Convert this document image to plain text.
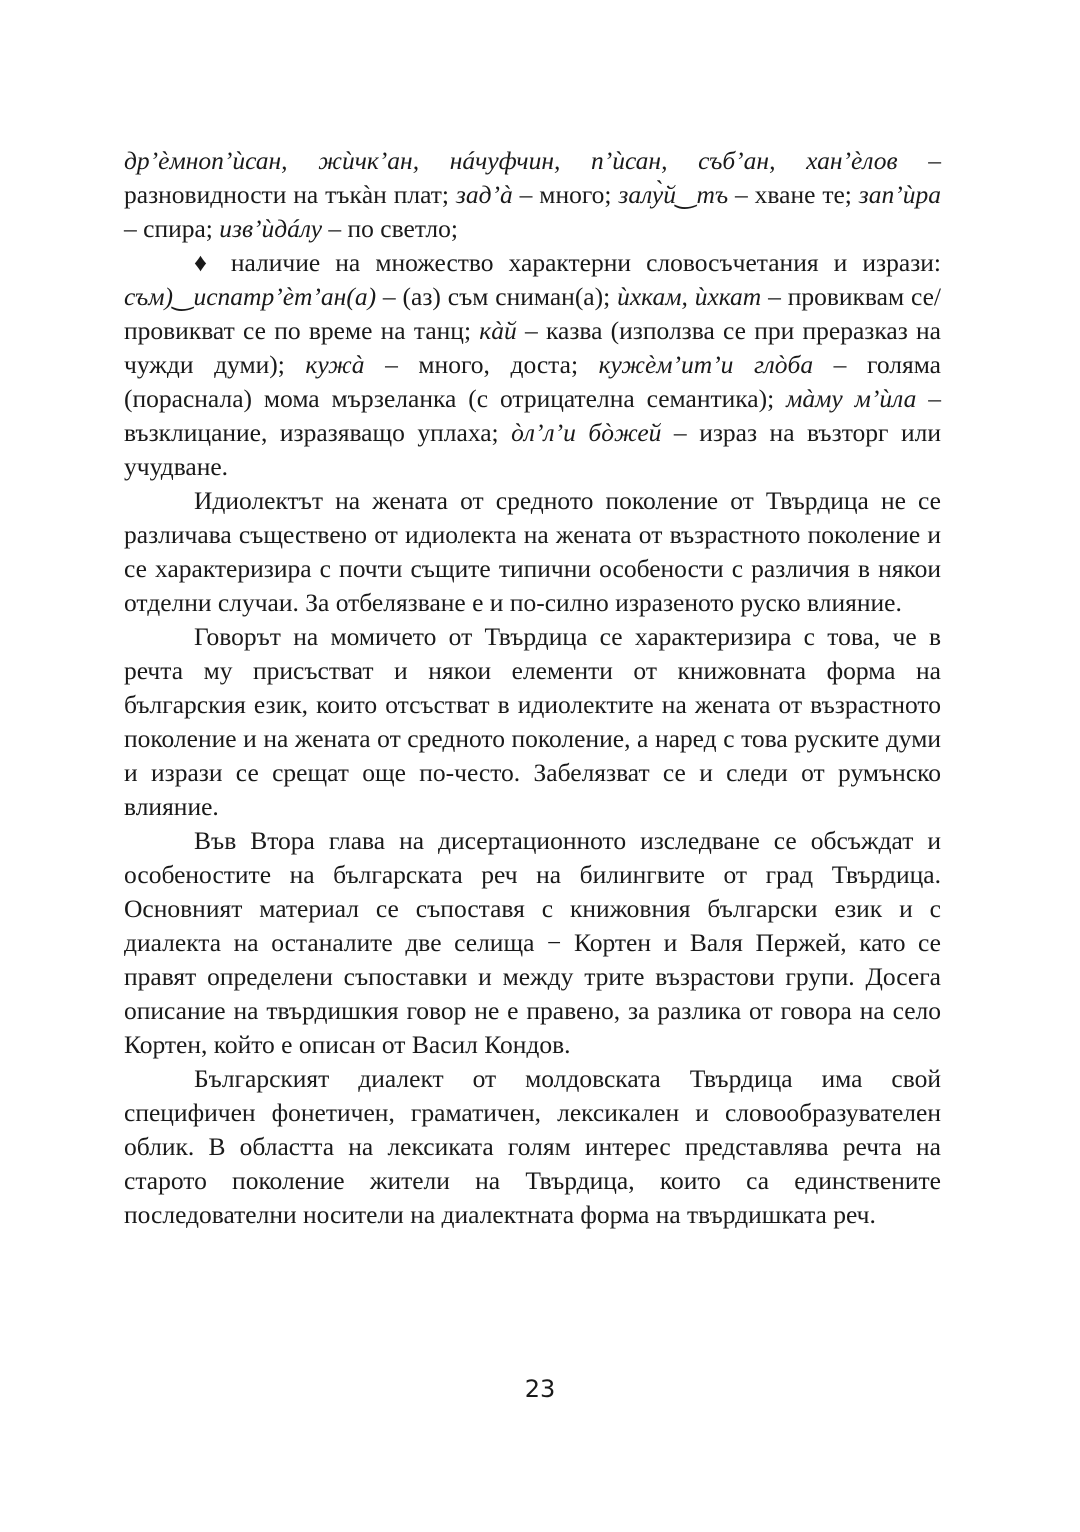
др’ѐмноп’ѝсан, жѝчк’ан, нáчуфчин, п’ѝсан, съб’ан, хан’ѐлов – разновидности на тъкàн плат; зад’à – много; залу̀й‿тъ – хване те; зап’ѝра – спира; изв’ѝдáлу – по светло;

♦ наличие на множество характерни словосъчетания и изрази: съм)‿испатр’ѐт’ан(а) – (аз) съм сниман(а); ѝхкам, ѝхкат – провиквам се/провикват се по време на танц; кàй – казва (използва се при преразказ на чужди думи); кужà – много, доста; кужѐм’ит’и глòба – голяма (пораснала) мома мързеланка (с отрицателна семантика); мàму м’ѝла – възклицание, изразяващо уплаха; òл’л’и бòжей – израз на възторг или учудване.

Идиолектът на жената от средното поколение от Твърдица не се различава съществено от идиолекта на жената от възрастното поколение и се характеризира с почти същите типични особености с различия в някои отделни случаи. За отбелязване е и по-силно изразеното руско влияние.

Говорът на момичето от Твърдица се характеризира с това, че в речта му присъстват и някои елементи от книжовната форма на българския език, които отсъстват в идиолектите на жената от възрастното поколение и на жената от средното поколение, а наред с това руските думи и изрази се срещат още по-често. Забелязват се и следи от румънско влияние.

Във Втора глава на дисертационното изследване се обсъждат и особеностите на българската реч на билингвите от град Твърдица. Основният материал се съпоставя с книжовния български език и с диалекта на останалите две селища − Кортен и Валя Пержей, като се правят определени съпоставки и между трите възрастови групи. Досега описание на твърдишкия говор не е правено, за разлика от говора на село Кортен, който е описан от Васил Кондов.

Българският диалект от молдовската Твърдица има свой специфичен фонетичен, граматичен, лексикален и словообразувателен облик. В областта на лексиката голям интерес представлява речта на старото поколение жители на Твърдица, които са единствените последователни носители на диалектната форма на твърдишката реч.

23
